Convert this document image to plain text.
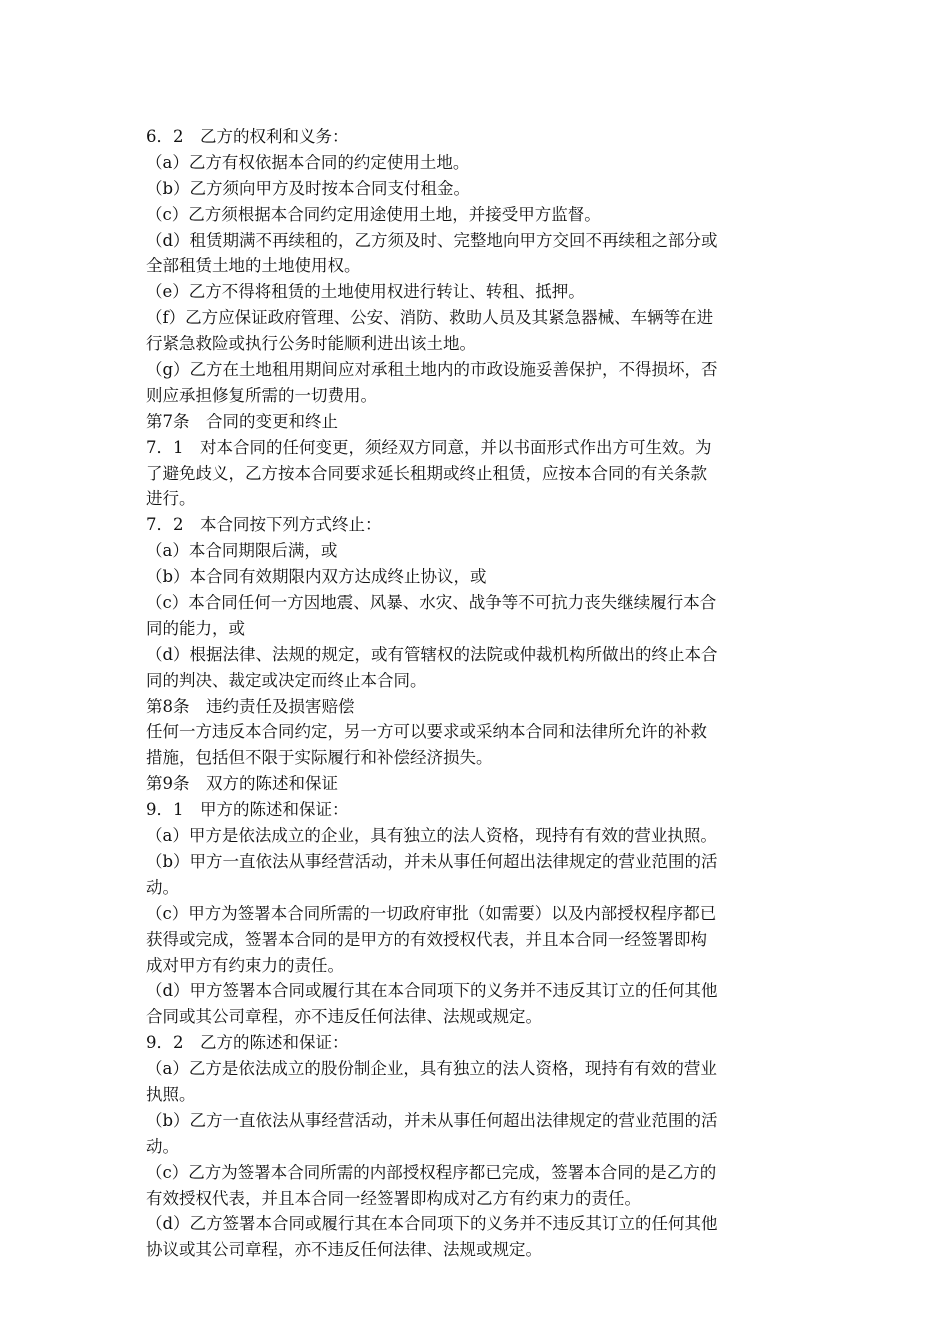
6．2　乙方的权利和义务：
（a）乙方有权依据本合同的约定使用土地。
（b）乙方须向甲方及时按本合同支付租金。
（c）乙方须根据本合同约定用途使用土地，并接受甲方监督。
（d）租赁期满不再续租的，乙方须及时、完整地向甲方交回不再续租之部分或
全部租赁土地的土地使用权。
（e）乙方不得将租赁的土地使用权进行转让、转租、抵押。
（f）乙方应保证政府管理、公安、消防、救助人员及其紧急器械、车辆等在进
行紧急救险或执行公务时能顺利进出该土地。
（g）乙方在土地租用期间应对承租土地内的市政设施妥善保护，不得损坏，否
则应承担修复所需的一切费用。
第7条　合同的变更和终止
7．1　对本合同的任何变更，须经双方同意，并以书面形式作出方可生效。为
了避免歧义，乙方按本合同要求延长租期或终止租赁，应按本合同的有关条款
进行。
7．2　本合同按下列方式终止：
（a）本合同期限后满，或
（b）本合同有效期限内双方达成终止协议，或
（c）本合同任何一方因地震、风暴、水灾、战争等不可抗力丧失继续履行本合
同的能力，或
（d）根据法律、法规的规定，或有管辖权的法院或仲裁机构所做出的终止本合
同的判决、裁定或决定而终止本合同。
第8条　违约责任及损害赔偿
任何一方违反本合同约定，另一方可以要求或采纳本合同和法律所允许的补救
措施，包括但不限于实际履行和补偿经济损失。
第9条　双方的陈述和保证
9．1　甲方的陈述和保证：
（a）甲方是依法成立的企业，具有独立的法人资格，现持有有效的营业执照。
（b）甲方一直依法从事经营活动，并未从事任何超出法律规定的营业范围的活
动。
（c）甲方为签署本合同所需的一切政府审批（如需要）以及内部授权程序都已
获得或完成，签署本合同的是甲方的有效授权代表，并且本合同一经签署即构
成对甲方有约束力的责任。
（d）甲方签署本合同或履行其在本合同项下的义务并不违反其订立的任何其他
合同或其公司章程，亦不违反任何法律、法规或规定。
9．2　乙方的陈述和保证：
（a）乙方是依法成立的股份制企业，具有独立的法人资格，现持有有效的营业
执照。
（b）乙方一直依法从事经营活动，并未从事任何超出法律规定的营业范围的活
动。
（c）乙方为签署本合同所需的内部授权程序都已完成，签署本合同的是乙方的
有效授权代表，并且本合同一经签署即构成对乙方有约束力的责任。
（d）乙方签署本合同或履行其在本合同项下的义务并不违反其订立的任何其他
协议或其公司章程，亦不违反任何法律、法规或规定。
